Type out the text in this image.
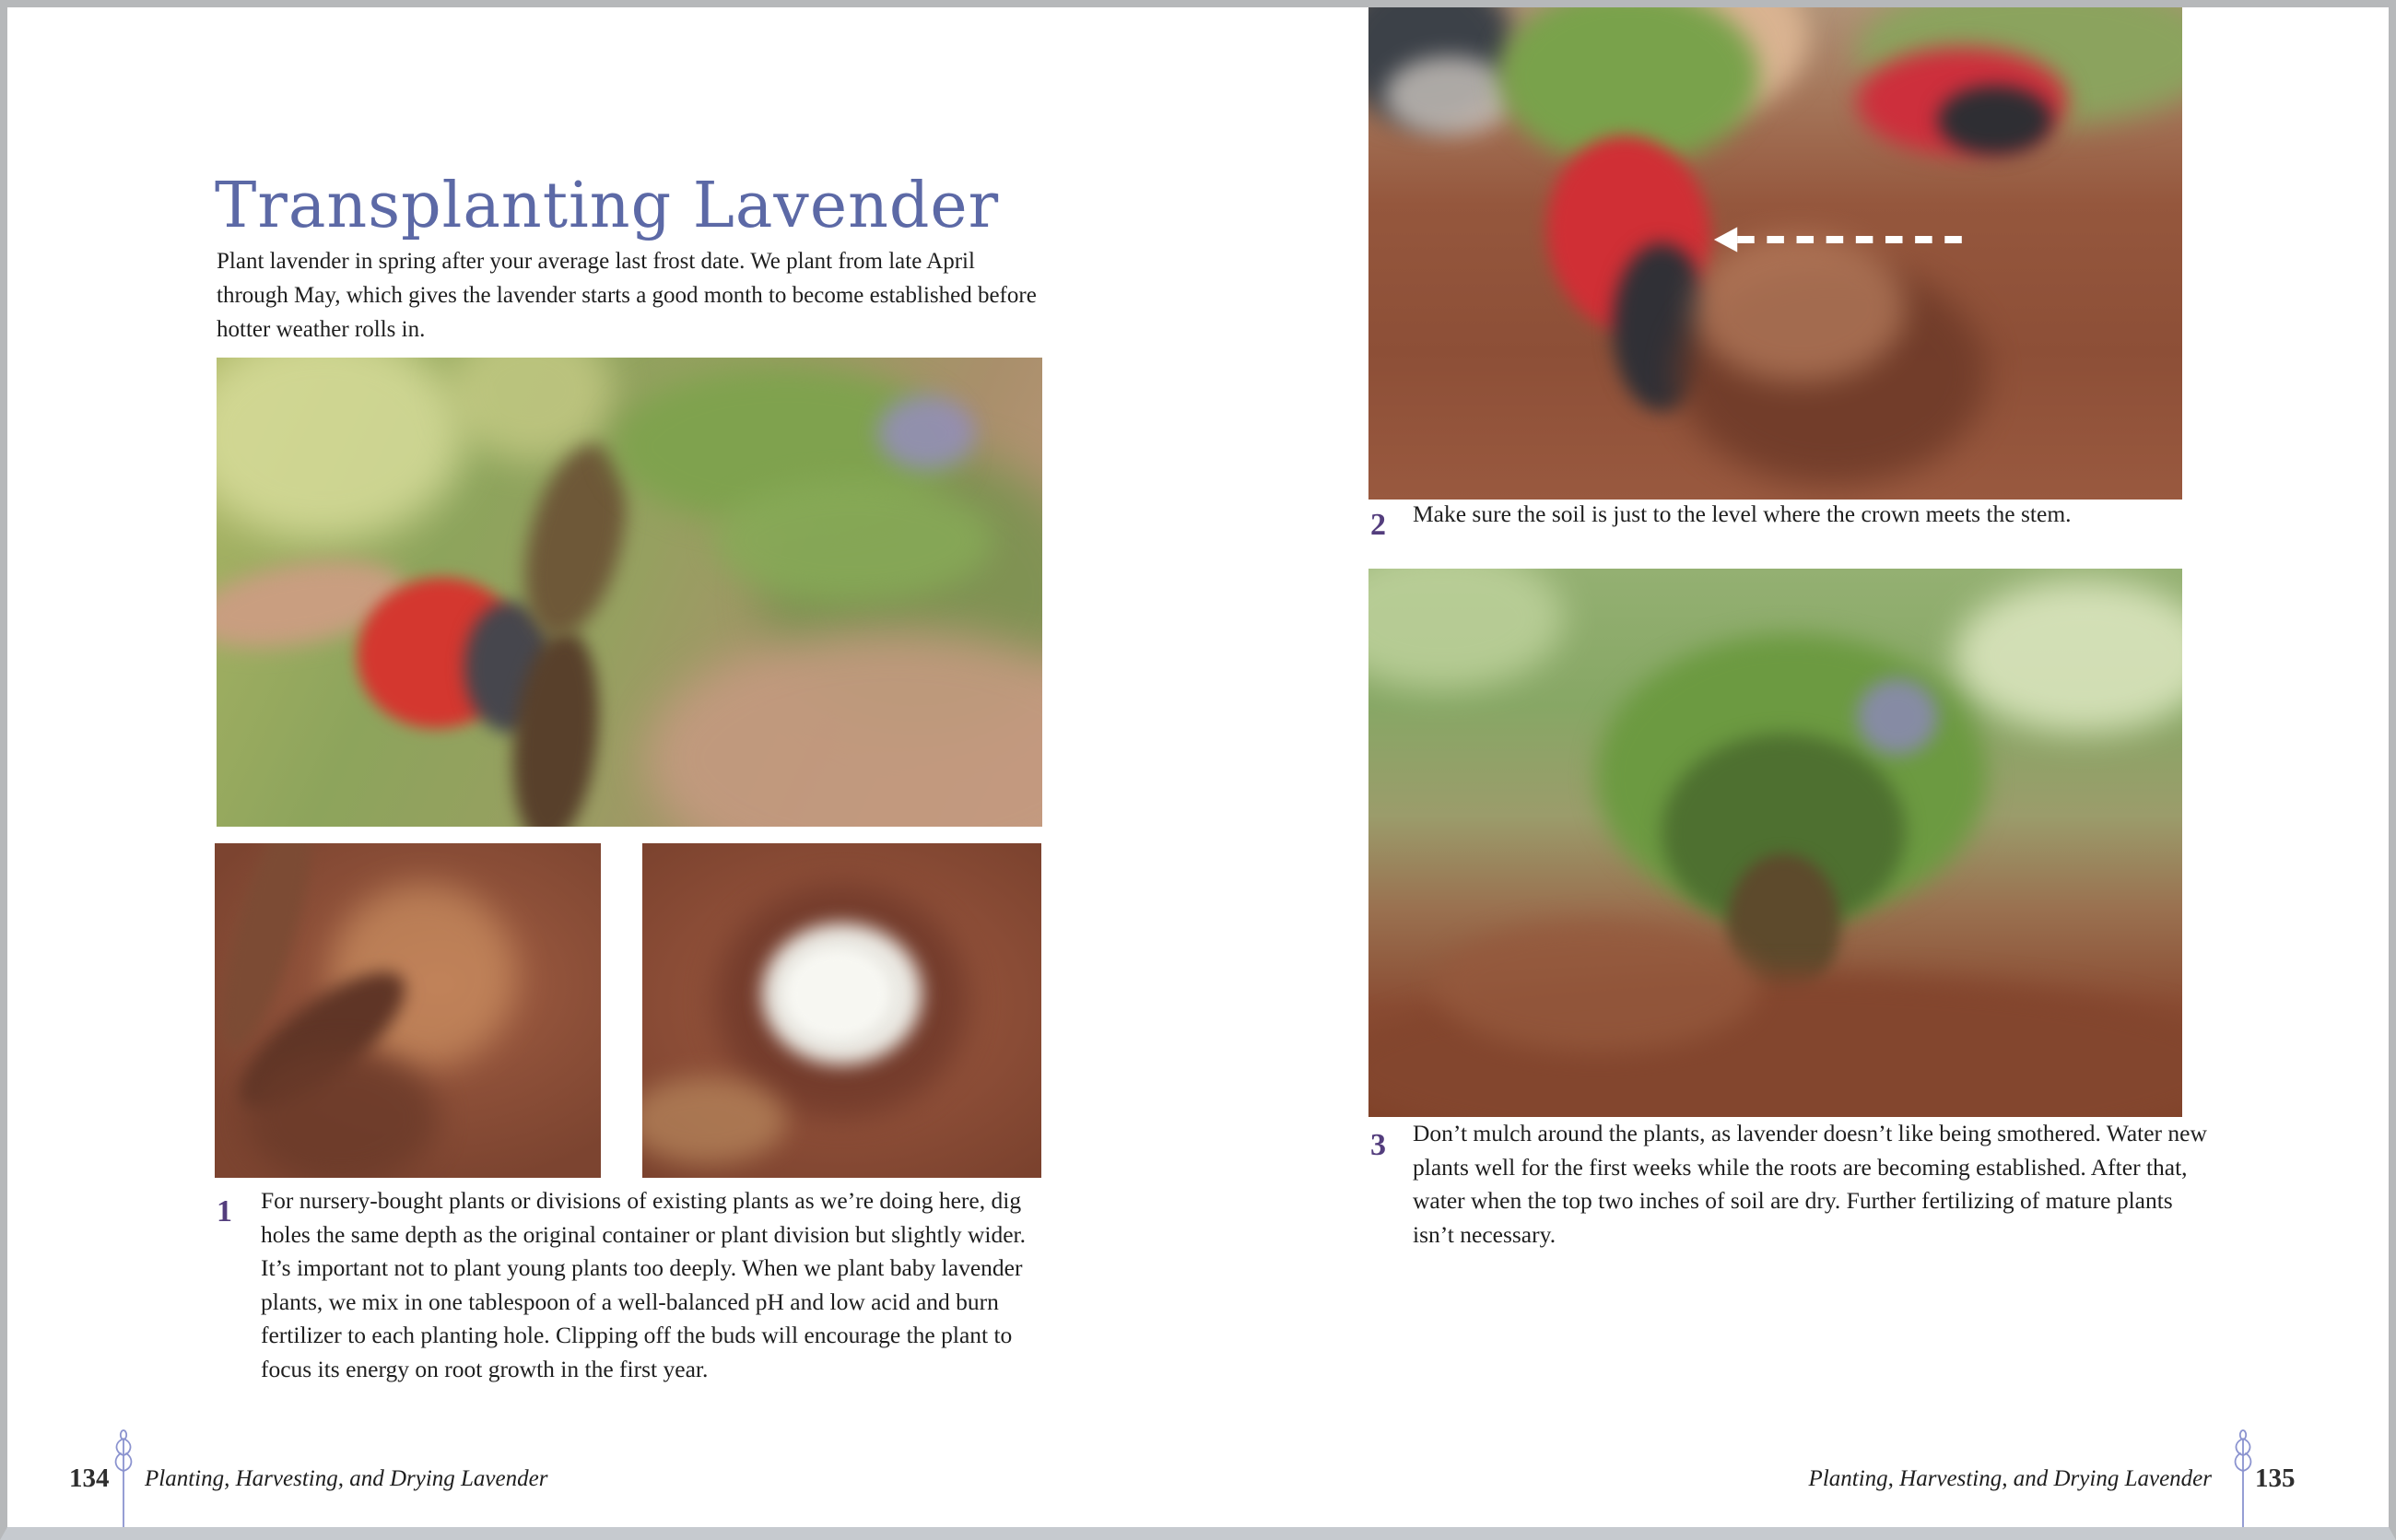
Transplanting Lavender

Plant lavender in spring after your average last frost date. We plant from late April through May, which gives the lavender starts a good month to become established before hotter weather rolls in.

1 For nursery-bought plants or divisions of existing plants as we’re doing here, dig holes the same depth as the original container or plant division but slightly wider. It’s important not to plant young plants too deeply. When we plant baby lavender plants, we mix in one tablespoon of a well-balanced pH and low acid and burn fertilizer to each planting hole. Clipping off the buds will encourage the plant to focus its energy on root growth in the first year.

134 Planting, Harvesting, and Drying Lavender
2 Make sure the soil is just to the level where the crown meets the stem.

3 Don’t mulch around the plants, as lavender doesn’t like being smothered. Water new plants well for the first weeks while the roots are becoming established. After that, water when the top two inches of soil are dry. Further fertilizing of mature plants isn’t necessary.

Planting, Harvesting, and Drying Lavender 135
